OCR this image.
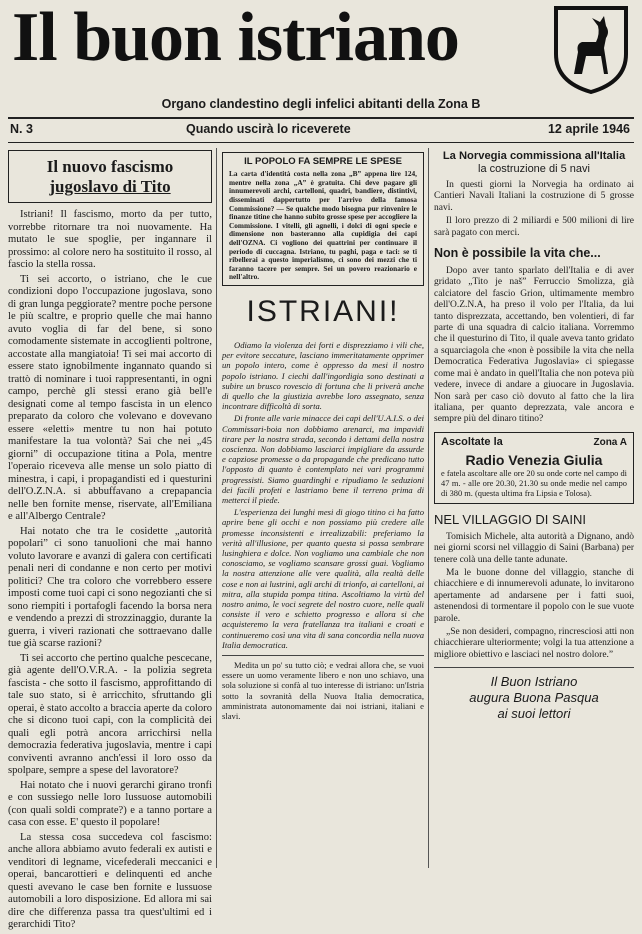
Il buon istriano
Organo clandestino degli infelici abitanti della Zona B
N. 3	Quando uscirà lo riceverete	12 aprile 1946
Il nuovo fascismo
jugoslavo di Tito

Istriani! Il fascismo, morto da per tutto, vorrebbe ritornare tra noi nuovamente. Ha mutato le sue spoglie, per ingannare il prossimo: al colore nero ha sostituito il rosso, al fascio la stella rossa.

Ti sei accorto, o istriano, che le cue condizioni dopo l'occupazione jugoslava, sono di gran lunga peggiorate? mentre poche persone le più scaltre, e proprio quelle che mai hanno avuto voglia di far del bene, si sono comodamente sistemate in accoglienti poltrone, accostate alla mangiatoia! Ti sei mai accorto di essere stato ignobilmente ingannato quando si trattò di nominare i tuoi rappresentanti, in ogni campo, perchè gli stessi erano già bell'e designati come al tempo fascista in un elenco preparato da coloro che volevano e dovevano essere «eletti» mentre tu non hai potuto manifestare la tua volontà? Sai che nei „45 giorni” di occupazione titina a Pola, mentre l'operaio riceveva alle mense un solo piatto di minestra, i capi, i propagandisti ed i questurini dell'O.Z.N.A. si abbuffavano a crepapancia nelle ben fornite mense, riservate, all'Emiliana e all'Albergo Centrale?

Hai notato che tra le cosidette „autorità popolari” ci sono tanuolioni che mai hanno voluto lavorare e avanzi di galera con certificati penali neri di condanne e non certo per motivi politici? Che tra coloro che vorrebbero essere imposti come tuoi capi ci sono negozianti che si sono riempiti i portafogli facendo la borsa nera e vendendo a prezzi di strozzinaggio, durante la guerra, i viveri razionati che sottraevano dalle tue già scarse razioni?

Ti sei accorto che pertino qualche pescecane, già agente dell'O.V.R.A. - la polizia segreta fascista - che sotto il fascismo, approfittando di tale suo stato, si è arricchito, sfruttando gli operai, è stato accolto a braccia aperte da coloro che si dicono tuoi capi, con la complicità dei quali egli potrà ancora arricchirsi nella democrazia federativa jugoslavia, mentre i capi conviventi avranno anch'essi il loro osso da spolpare, sempre a spese del lavoratore?

Hai notato che i nuovi gerarchi girano tronfi e con sussiego nelle loro lussuose automobili (con quali soldi comprate?) e a tanno portare a casa con esse. E' questo il popolare!

La stessa cosa succedeva col fascismo: anche allora abbiamo avuto federali ex autisti e venditori di legname, vicefederali meccanici e operai, bancarottieri e delinquenti ed anche questi avevano le case ben fornite e lussuose automobili a loro disposizione. Ed allora mi sai dire che differenza passa tra quest'ultimi ed i gerarchidi Tito?

IL POPOLO FA SEMPRE LE SPESE
La carta d'identità costa nella zona „B” appena lire 124, mentre nella zona „A” è gratuita. Chi deve pagare gli innumerevoli archi, cartelloni, quadri, bandiere, distintivi, disseminati dappertutto per l'arrivo della famosa Commissione? — Se qualche modo bisogna pur rinvenire le finanze titine che hanno subito grosse spese per accogliere la Commissione. I vitelli, gli agnelli, i dolci di ogni specie e dimensione non basteranno alla cupidigia dei capi dell'OZNA. Ci vogliono dei quattrini per continuare il periodo di cuccagna. Istriano, tu paghi, paga e taci: se ti ribellerai a questo imperialismo, ci sono dei mezzi che ti faranno tacere per sempre. Sei un povero reazionario e nell'altro.
ISTRIANI!

Odiamo la violenza dei forti e disprezziamo i vili che, per evitore seccature, lasciano immeritatamente opprimer un popolo intero, come è oppresso da mesi il nostro popolo istriano. I ciechi dall'ingordigia sono destinati a subire un brusco rovescio di fortuna che li priverà anche di quello che la giustizia avrebbe loro assegnato, senza incontrare difficoltà di sorta.

Di fronte alle varie minacce dei capi dell'U.A.I.S. o dei Commissari-boia non dobbiamo arenarci, ma impavidi tirare per la nostra strada, secondo i dettami della nostra coscienza. Non dobbiamo lasciarci impigliare da assurde e capziose promesse o da propagande che predicano tutto l'opposto di quanto è contemplato nei vari programmi progressisti. Siamo guardinghi e ripudiamo le seduzioni dei facili profeti e lastriamo bene il terreno prima di metterci il piede.

L'esperienza dei lunghi mesi di giogo titino ci ha fatto aprire bene gli occhi e non possiamo più credere alle promesse inconsistenti e irrealizzabili: preferiamo la verità all'illusione, per quanto questa si possa sembrare lusinghiera e dolce. Non vogliamo una cambiale che non conosciamo, se vogliamo scansare grossi guai. Vogliamo la nostra attenzione alle vere qualità, alla realtà delle cose e non ai lustrini, agli archi di trionfo, ai cartelloni, ai mitra, alla stupida pompa titina. Ascoltiamo la virtù del nostro animo, le voci segrete del nostro cuore, nelle quali consiste il vero e schietto progresso e allora si che acquisteremo la vera fratellanza tra italiani e croati e continueremo così una vita di sana concordia nella nuova Italia democratica.

Medita un po' su tutto ciò; e vedrai allora che, se vuoi essere un uomo veramente libero e non uno schiavo, una sola soluzione si confà al tuo interesse di istriano: un'Istria sotto la sovranità della Nuova Italia democratica, amministrata autonomamente dai noi istriani, italiani e slavi.

La Norvegia commissiona all'Italia
la costruzione di 5 navi

In questi giorni la Norvegia ha ordinato ai Cantieri Navali Italiani la costruzione di 5 grosse navi.

Il loro prezzo di 2 miliardi e 500 milioni di lire sarà pagato con merci.

Non è possibile la vita che...

Dopo aver tanto sparlato dell'Italia e di aver gridato „Tito je naš” Ferruccio Smolizza, già calciatore del fascio Grion, ultimamente membro dell'O.Z.N.A, ha preso il volo per l'Italia, da lui tanto disprezzata, accettando, ben volentieri, di far parte di una squadra di calcio italiana. Vorremmo che il questurino di Tito, il quale aveva tanto gridato a squarciagola che «non è possibile la vita che nella Democratica Federativa Jugoslavia» ci spiegasse come mai è andato in quell'Italia che non poteva più vedere, invece di andare a giuocare in Jugoslavia. Non sarà per caso ciò dovuto al fatto che la lira italiana, per quanto deprezzata, vale ancora e sempre più del dinaro titino?

Ascoltate la	Zona A
Radio Venezia Giulia
e fatela ascoltare alle ore 20 su onde corte nel campo di 47 m. - alle ore 20.30, 21.30 su onde medie nel campo di 380 m. (questa ultima fra Lipsia e Tolosa).
NEL VILLAGGIO DI SAINI

Tomisich Michele, alta autorità a Dignano, andò nei giorni scorsi nel villaggio di Saini (Barbana) per tenere colà una delle tante adunate.

Ma le buone donne del villaggio, stanche di chiacchiere e di innumerevoli adunate, lo invitarono apertamente ad andarsene per i fatti suoi, astenendosi di tormentare il popolo con le sue vuote parole.

„Se non desideri, compagno, rincresciosi atti non chiacchierare ulteriormente; volgi la tua attenzione a migliore obiettivo e lasciaci nel nostro dolore.”

Il Buon Istriano
augura Buona Pasqua
ai suoi lettori
